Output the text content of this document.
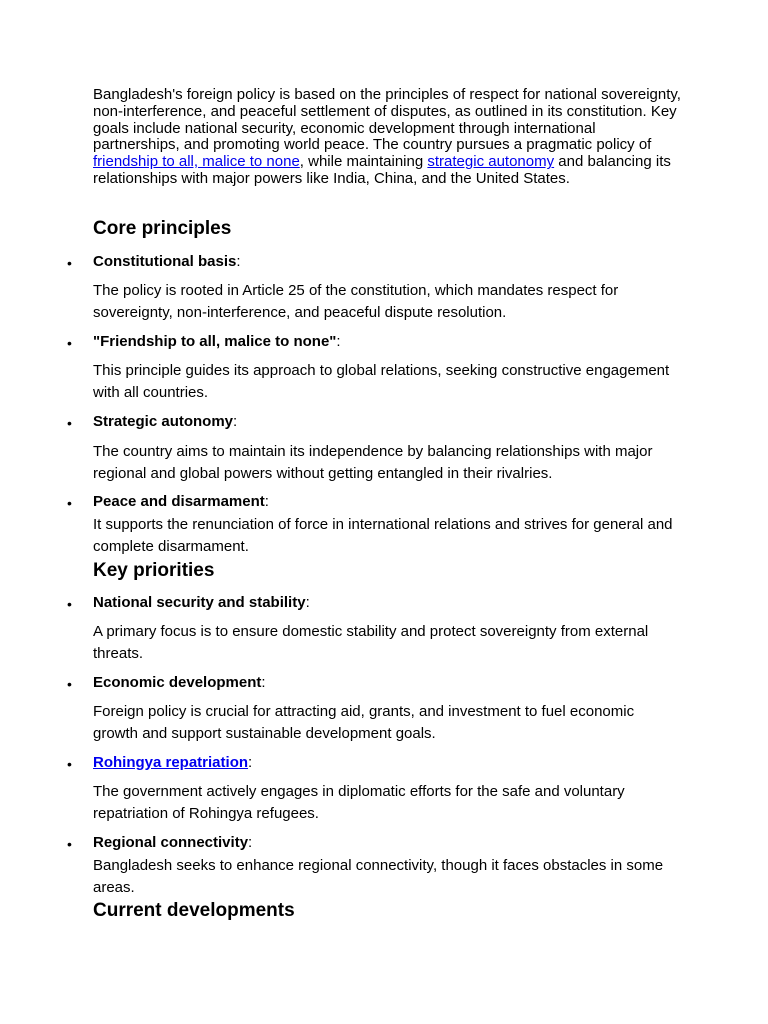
Bangladesh's foreign policy is based on the principles of respect for national sovereignty, non-interference, and peaceful settlement of disputes, as outlined in its constitution. Key goals include national security, economic development through international partnerships, and promoting world peace. The country pursues a pragmatic policy of friendship to all, malice to none, while maintaining strategic autonomy and balancing its relationships with major powers like India, China, and the United States.

Core principles
• Constitutional basis:

The policy is rooted in Article 25 of the constitution, which mandates respect for sovereignty, non-interference, and peaceful dispute resolution.

• "Friendship to all, malice to none":

This principle guides its approach to global relations, seeking constructive engagement with all countries.

• Strategic autonomy:

The country aims to maintain its independence by balancing relationships with major regional and global powers without getting entangled in their rivalries.

• Peace and disarmament:

It supports the renunciation of force in international relations and strives for general and complete disarmament.

Key priorities
• National security and stability:

A primary focus is to ensure domestic stability and protect sovereignty from external threats.

• Economic development:

Foreign policy is crucial for attracting aid, grants, and investment to fuel economic growth and support sustainable development goals.

• Rohingya repatriation:

The government actively engages in diplomatic efforts for the safe and voluntary repatriation of Rohingya refugees.

• Regional connectivity:

Bangladesh seeks to enhance regional connectivity, though it faces obstacles in some areas.

Current developments
